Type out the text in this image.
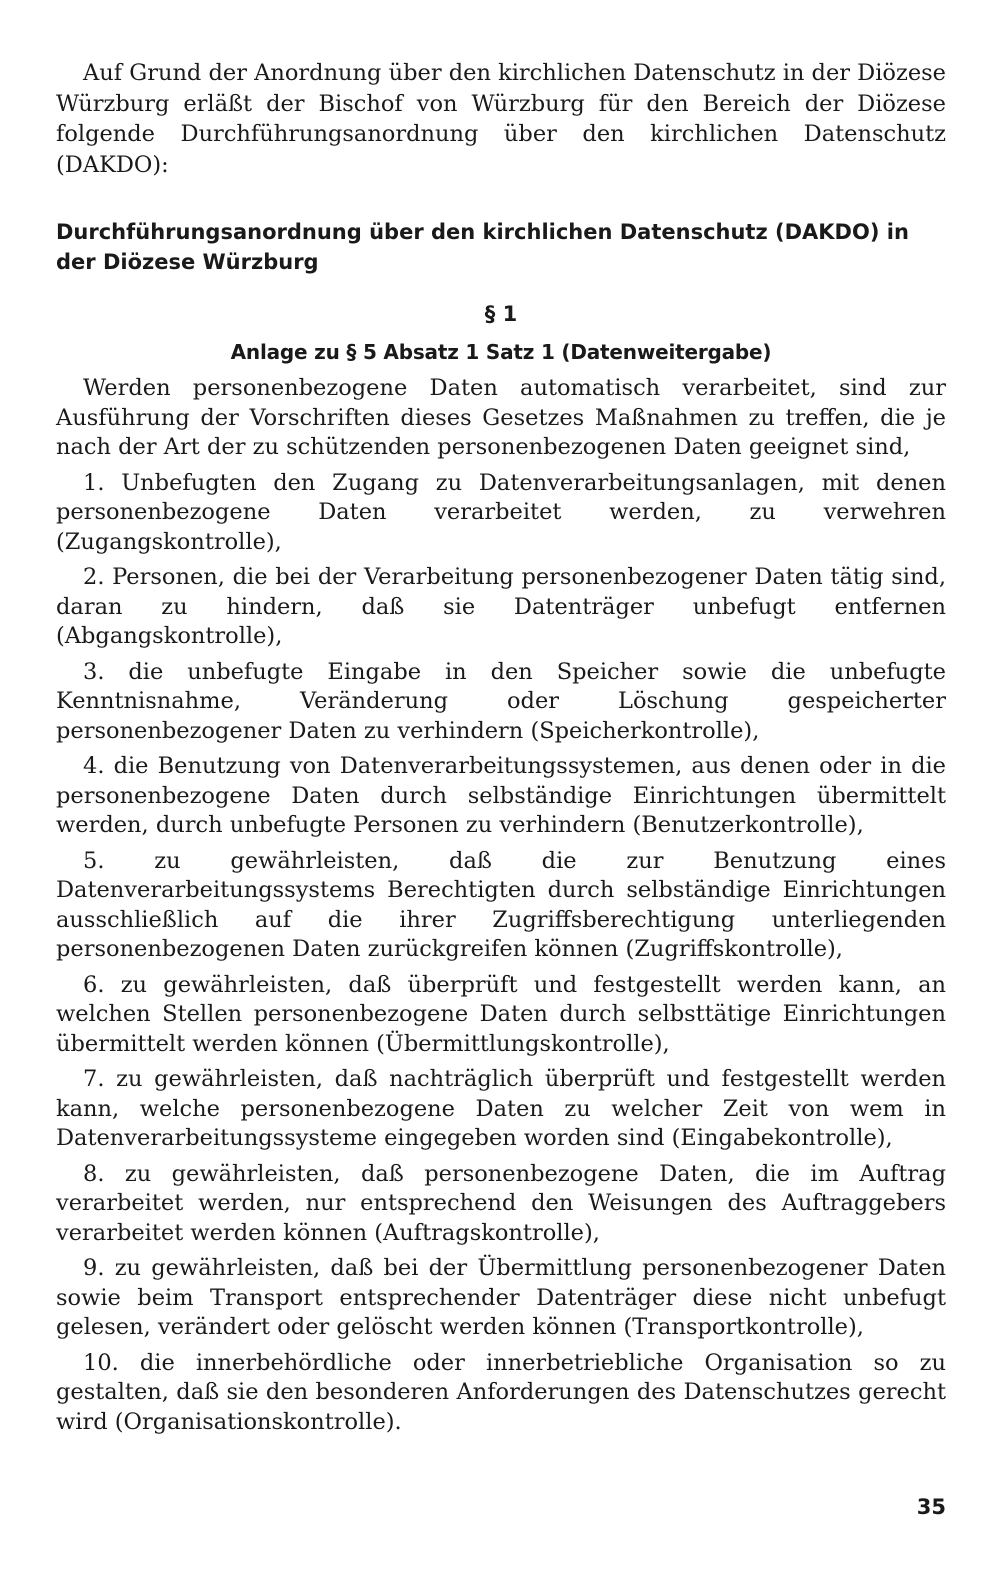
Auf Grund der Anordnung über den kirchlichen Datenschutz in der Diözese Würzburg erläßt der Bischof von Würzburg für den Bereich der Diözese folgende Durchführungsanordnung über den kirchlichen Datenschutz (DAKDO):

Durchführungsanordnung über den kirchlichen Datenschutz (DAKDO) in der Diözese Würzburg
§ 1
Anlage zu § 5 Absatz 1 Satz 1 (Datenweitergabe)

Werden personenbezogene Daten automatisch verarbeitet, sind zur Ausführung der Vorschriften dieses Gesetzes Maßnahmen zu treffen, die je nach der Art der zu schützenden personenbezogenen Daten geeignet sind,

1. Unbefugten den Zugang zu Datenverarbeitungsanlagen, mit denen personenbezogene Daten verarbeitet werden, zu verwehren (Zugangskontrolle),
2. Personen, die bei der Verarbeitung personenbezogener Daten tätig sind, daran zu hindern, daß sie Datenträger unbefugt entfernen (Abgangskontrolle),
3. die unbefugte Eingabe in den Speicher sowie die unbefugte Kenntnisnahme, Veränderung oder Löschung gespeicherter personenbezogener Daten zu verhindern (Speicherkontrolle),
4. die Benutzung von Datenverarbeitungssystemen, aus denen oder in die personenbezogene Daten durch selbständige Einrichtungen übermittelt werden, durch unbefugte Personen zu verhindern (Benutzerkontrolle),
5. zu gewährleisten, daß die zur Benutzung eines Datenverarbeitungssystems Berechtigten durch selbständige Einrichtungen ausschließlich auf die ihrer Zugriffsberechtigung unterliegenden personenbezogenen Daten zurückgreifen können (Zugriffskontrolle),
6. zu gewährleisten, daß überprüft und festgestellt werden kann, an welchen Stellen personenbezogene Daten durch selbsttätige Einrichtungen übermittelt werden können (Übermittlungskontrolle),
7. zu gewährleisten, daß nachträglich überprüft und festgestellt werden kann, welche personenbezogene Daten zu welcher Zeit von wem in Datenverarbeitungssysteme eingegeben worden sind (Eingabekontrolle),
8. zu gewährleisten, daß personenbezogene Daten, die im Auftrag verarbeitet werden, nur entsprechend den Weisungen des Auftraggebers verarbeitet werden können (Auftragskontrolle),
9. zu gewährleisten, daß bei der Übermittlung personenbezogener Daten sowie beim Transport entsprechender Datenträger diese nicht unbefugt gelesen, verändert oder gelöscht werden können (Transportkontrolle),
10. die innerbehördliche oder innerbetriebliche Organisation so zu gestalten, daß sie den besonderen Anforderungen des Datenschutzes gerecht wird (Organisationskontrolle).
35
